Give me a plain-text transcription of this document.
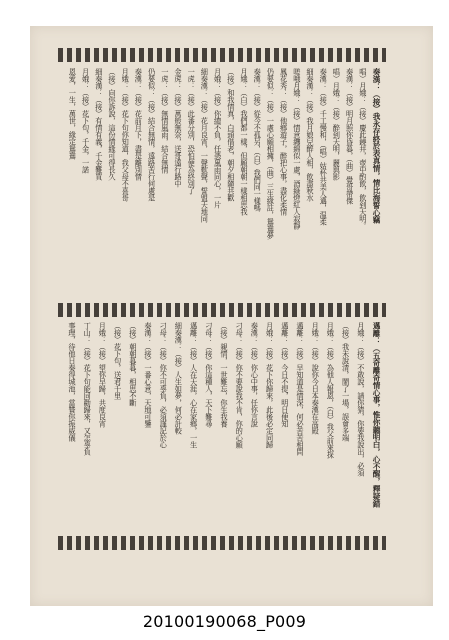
奏漢：（接）我永存終於表真情，情比海誓心竊
唱）月娥：（接）慶此鐃井，壺中酌飲，飲到天明。
奏漢：（接）明月照你昏暮，（曲）覺哥帶傑
唱）月娥：（接）醉到天明，麗與影
奏漢：（接）千工慢和，（唱）姑杯共美人邁，温柔
細奏漢：（接）我月娘兒醉人相，飲盡秋水
嗟哦月娥：（接）情意纏綿似一處，酒綠燈紅人寂靜
鳳花秀：（接）他鄉遊子，醉把心事，盡化柔情
仍要似：（接）一處心願相擁，（曲）三生緣註，鴛鴦夢
奏漢：（接）從今不孤另，（白）我們同一樣嗎
月娥：（白）我們都一樣，但願朝朝一樣相思我
（接）和我情真，白頭偕老，朝夕相隨共歡
月娥：（接）你總不負，任憑風雨同心，一片
細奏漢：（接）花月良宵，一聲歎聲，誓盟天地同
一虎：（接）此番分別，恐怕便為終別了
金虎：（接）萬般無奈，送哥遠行路中
一虎：（接）無情風雨，結合無情
仍要似：（接）結合無情，遠路苦行何處是
奏漢：（接）花前月下，盡是離別情
月娥：（接）花下句你知道，我父母不喜哥
（接）向你訴說，這份情緣可得長久
細奏漢：（接）有情有義，千金難買
月娥：（接）花下句，千金，一諾
恩愛，一生，萬世，緣定鴛鴦
邁離：（五奇離奇情心事，惟你聽明白，心不醒，釋疑錯
月娥：（接）不敢說，請你猜，你要我說出，必須
（接）我未說清，鬧了一場，誤會多端
月娥：（接）為他人報恩，（白）我父前來探
月娥：（接）說你今日本奏漢在高殿
邁離：（接）早知道是情深，何必苦苦相問
邁離：（接）今日不提，明日便知
月娥：（接）花下你歸來，此後必定同歸
奏漢：（接）你心中事，任你言說
刁母：（接）你不要說我不肯，你的心願
（接）親情，一世難忘，你生我養
刁母：（接）你這種人，天下難尋
邁離：（接）人在天涯，心在家鄉，一生
細奏漢：（接）人生如夢，何必計較
刁母：（接）你不可辜負，必須謹記於心
奏漢：（接）一番心意，天地可鑒
（接）朝朝暮暮，相思不斷
（接）花下句，送君千里
月娥：（接）望你早歸，共度良宵
丁山：（接）花下句能同勸歸來，又怎辜負
事理，待他日奏得城池，當贊你振威儀
20100190068_P009
